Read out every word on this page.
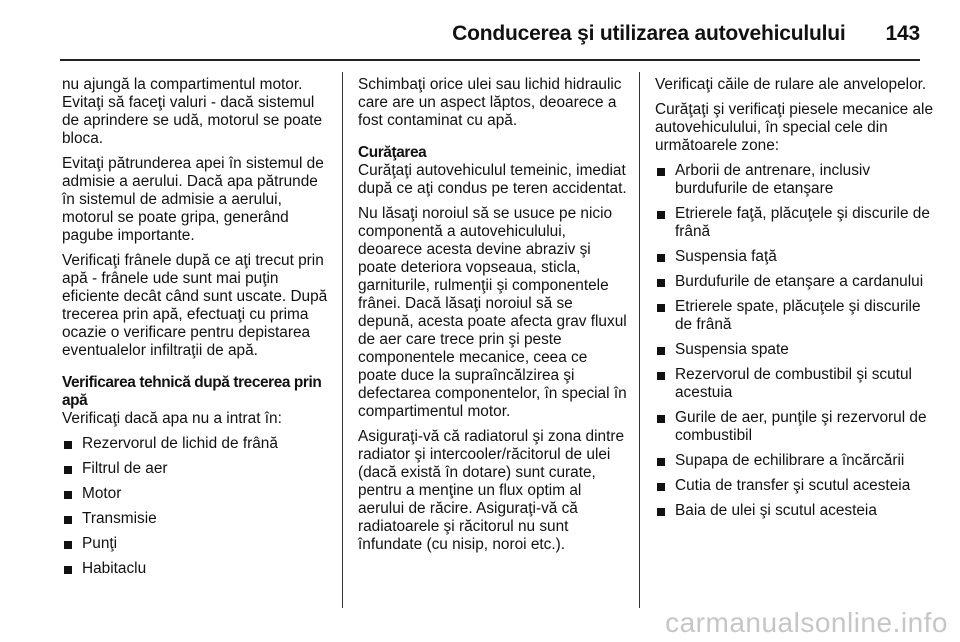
Conducerea şi utilizarea autovehiculului 143

nu ajungă la compartimentul motor. Evitaţi să faceţi valuri - dacă sistemul de aprindere se udă, motorul se poate bloca.

Evitaţi pătrunderea apei în sistemul de admisie a aerului. Dacă apa pătrunde în sistemul de admisie a aerului, motorul se poate gripa, generând pagube importante.

Verificaţi frânele după ce aţi trecut prin apă - frânele ude sunt mai puţin eficiente decât când sunt uscate. După trecerea prin apă, efectuaţi cu prima ocazie o verificare pentru depistarea eventualelor infiltraţii de apă.

Verificarea tehnică după trecerea prin apă

Verificaţi dacă apa nu a intrat în:

Rezervorul de lichid de frână
Filtrul de aer
Motor
Transmisie
Punţi
Habitaclu

Schimbaţi orice ulei sau lichid hidraulic care are un aspect lăptos, deoarece a fost contaminat cu apă.

Curăţarea

Curăţaţi autovehiculul temeinic, imediat după ce aţi condus pe teren accidentat.

Nu lăsaţi noroiul să se usuce pe nicio componentă a autovehiculului, deoarece acesta devine abraziv şi poate deteriora vopseaua, sticla, garniturile, rulmenţii şi componentele frânei. Dacă lăsaţi noroiul să se depună, acesta poate afecta grav fluxul de aer care trece prin şi peste componentele mecanice, ceea ce poate duce la supraîncălzirea şi defectarea componentelor, în special în compartimentul motor.

Asiguraţi-vă că radiatorul şi zona dintre radiator şi intercooler/răcitorul de ulei (dacă există în dotare) sunt curate, pentru a menţine un flux optim al aerului de răcire. Asiguraţi-vă că radiatoarele şi răcitorul nu sunt înfundate (cu nisip, noroi etc.).

Verificaţi căile de rulare ale anvelopelor.

Curăţaţi şi verificaţi piesele mecanice ale autovehiculului, în special cele din următoarele zone:

Arborii de antrenare, inclusiv burdufurile de etanşare
Etrierele faţă, plăcuţele şi discurile de frână
Suspensia faţă
Burdufurile de etanşare a cardanului
Etrierele spate, plăcuţele şi discurile de frână
Suspensia spate
Rezervorul de combustibil şi scutul acestuia
Gurile de aer, punţile şi rezervorul de combustibil
Supapa de echilibrare a încărcării
Cutia de transfer şi scutul acesteia
Baia de ulei şi scutul acesteia
carmanualsonline.info
